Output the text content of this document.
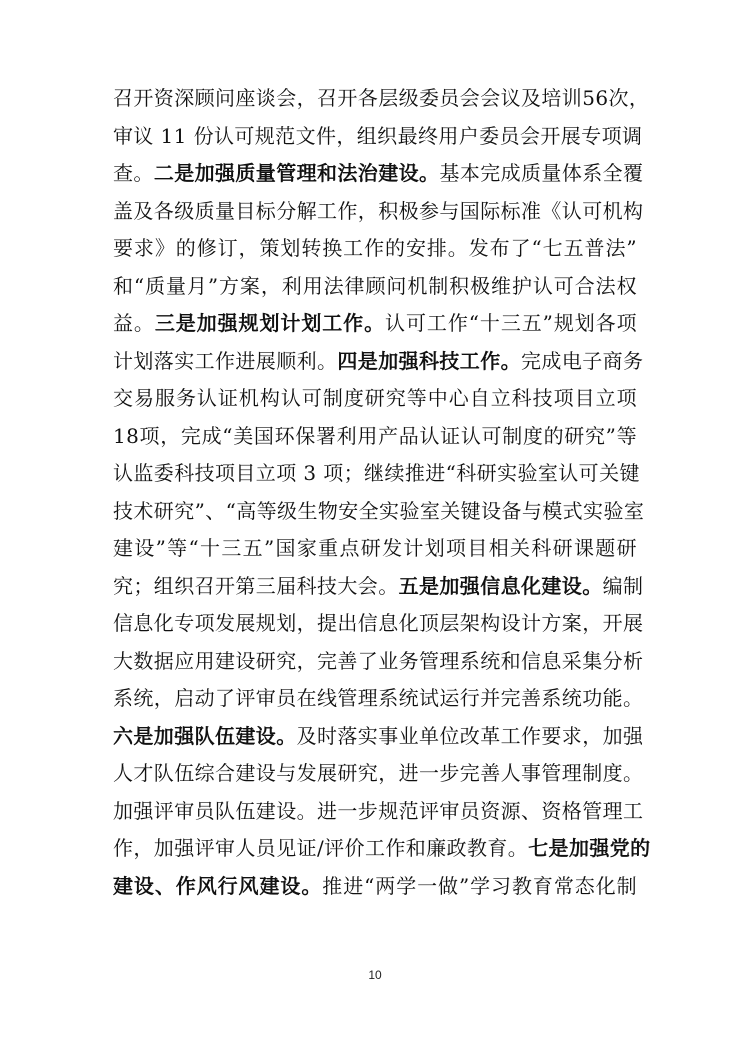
召开资深顾问座谈会，召开各层级委员会会议及培训56次，
审议 11 份认可规范文件，组织最终用户委员会开展专项调
查。二是加强质量管理和法治建设。基本完成质量体系全覆
盖及各级质量目标分解工作，积极参与国际标准《认可机构
要求》的修订，策划转换工作的安排。发布了“七五普法”
和“质量月”方案，利用法律顾问机制积极维护认可合法权
益。三是加强规划计划工作。认可工作“十三五”规划各项
计划落实工作进展顺利。四是加强科技工作。完成电子商务
交易服务认证机构认可制度研究等中心自立科技项目立项
18项，完成“美国环保署利用产品认证认可制度的研究”等
认监委科技项目立项 3 项；继续推进“科研实验室认可关键
技术研究”、“高等级生物安全实验室关键设备与模式实验室
建设”等“十三五”国家重点研发计划项目相关科研课题研
究；组织召开第三届科技大会。五是加强信息化建设。编制
信息化专项发展规划，提出信息化顶层架构设计方案，开展
大数据应用建设研究，完善了业务管理系统和信息采集分析
系统，启动了评审员在线管理系统试运行并完善系统功能。
六是加强队伍建设。及时落实事业单位改革工作要求，加强
人才队伍综合建设与发展研究，进一步完善人事管理制度。
加强评审员队伍建设。进一步规范评审员资源、资格管理工
作，加强评审人员见证/评价工作和廉政教育。七是加强党的
建设、作风行风建设。推进“两学一做”学习教育常态化制
10
